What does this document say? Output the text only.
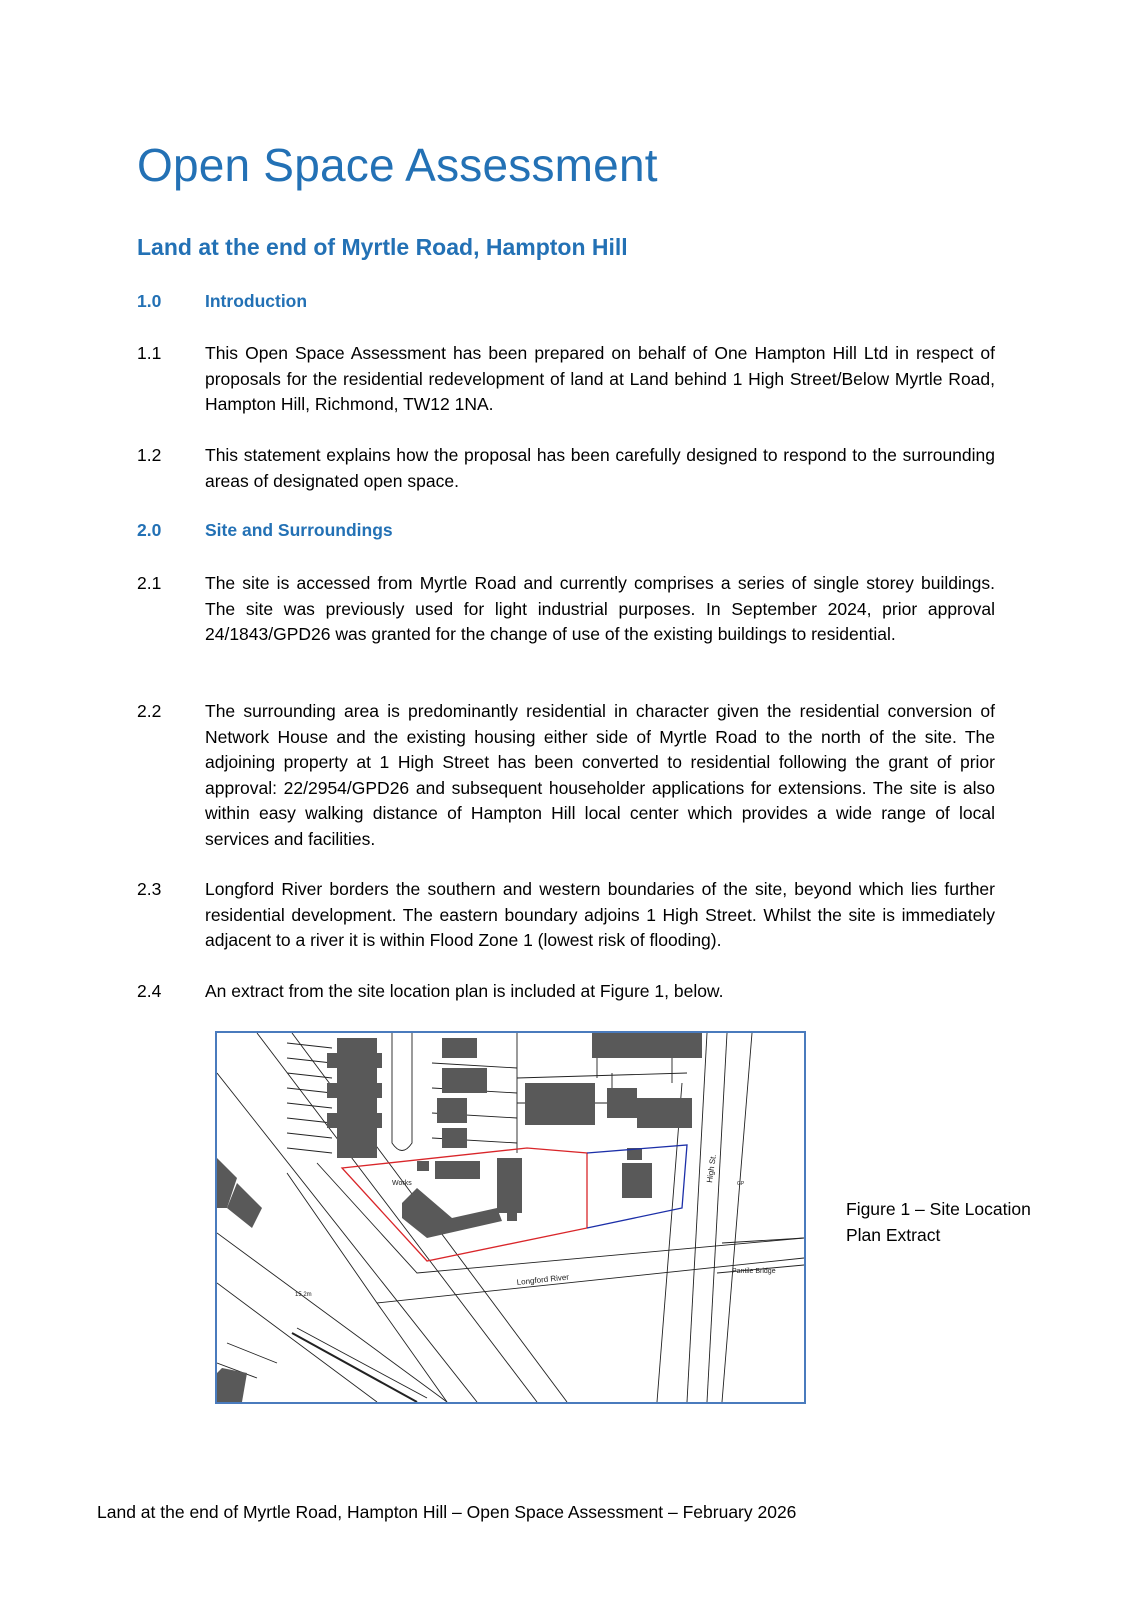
Open Space Assessment
Land at the end of Myrtle Road, Hampton Hill
1.0 Introduction
1.1 This Open Space Assessment has been prepared on behalf of One Hampton Hill Ltd in respect of proposals for the residential redevelopment of land at Land behind 1 High Street/Below Myrtle Road, Hampton Hill, Richmond, TW12 1NA.
1.2 This statement explains how the proposal has been carefully designed to respond to the surrounding areas of designated open space.
2.0 Site and Surroundings
2.1 The site is accessed from Myrtle Road and currently comprises a series of single storey buildings. The site was previously used for light industrial purposes. In September 2024, prior approval 24/1843/GPD26 was granted for the change of use of the existing buildings to residential.
2.2 The surrounding area is predominantly residential in character given the residential conversion of Network House and the existing housing either side of Myrtle Road to the north of the site. The adjoining property at 1 High Street has been converted to residential following the grant of prior approval: 22/2954/GPD26 and subsequent householder applications for extensions. The site is also within easy walking distance of Hampton Hill local center which provides a wide range of local services and facilities.
2.3 Longford River borders the southern and western boundaries of the site, beyond which lies further residential development. The eastern boundary adjoins 1 High Street. Whilst the site is immediately adjacent to a river it is within Flood Zone 1 (lowest risk of flooding).
2.4 An extract from the site location plan is included at Figure 1, below.
Works
High St.
Longford River
Pantile Bridge
15.2m
GP
Figure 1 – Site Location Plan Extract
Land at the end of Myrtle Road, Hampton Hill – Open Space Assessment – February 2026
